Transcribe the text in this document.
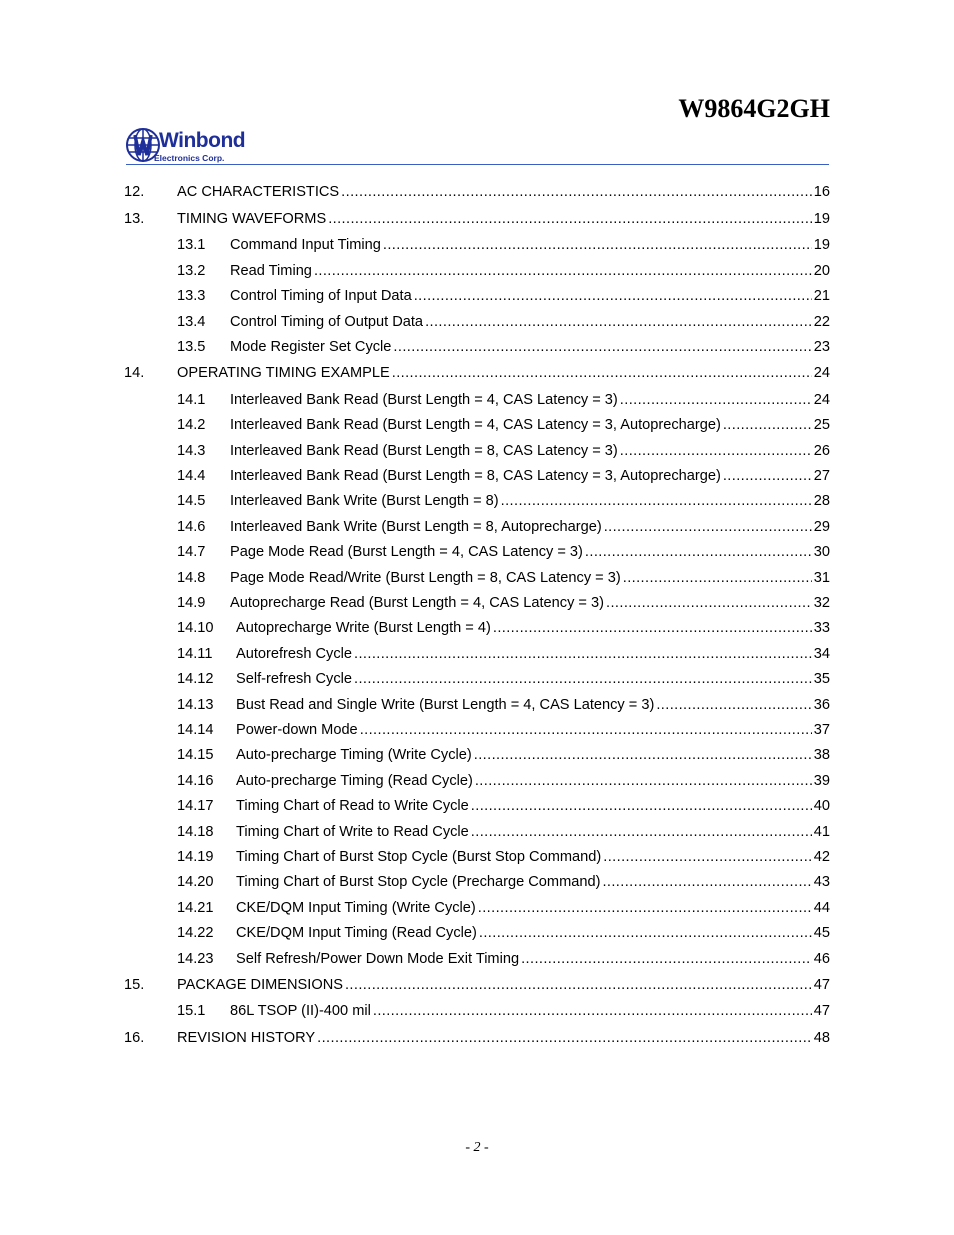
W9864G2GH
Winbond
Electronics Corp.
12. AC CHARACTERISTICS .....	16
13. TIMING WAVEFORMS .....	19
13.1 Command Input Timing .....	19
13.2 Read Timing .....	20
13.3 Control Timing of Input Data .....	21
13.4 Control Timing of Output Data .....	22
13.5 Mode Register Set Cycle .....	23
14. OPERATING TIMING EXAMPLE .....	24
14.1 Interleaved Bank Read (Burst Length = 4, CAS Latency = 3) .....	24
14.2 Interleaved Bank Read (Burst Length = 4, CAS Latency = 3, Autoprecharge) .....	25
14.3 Interleaved Bank Read (Burst Length = 8, CAS Latency = 3) .....	26
14.4 Interleaved Bank Read (Burst Length = 8, CAS Latency = 3, Autoprecharge) .....	27
14.5 Interleaved Bank Write (Burst Length = 8) .....	28
14.6 Interleaved Bank Write (Burst Length = 8, Autoprecharge) .....	29
14.7 Page Mode Read (Burst Length = 4, CAS Latency = 3) .....	30
14.8 Page Mode Read/Write (Burst Length = 8, CAS Latency = 3) .....	31
14.9 Autoprecharge Read (Burst Length = 4, CAS Latency = 3) .....	32
14.10 Autoprecharge Write (Burst Length = 4) .....	33
14.11 Autorefresh Cycle .....	34
14.12 Self-refresh Cycle .....	35
14.13 Bust Read and Single Write (Burst Length = 4, CAS Latency = 3) .....	36
14.14 Power-down Mode .....	37
14.15 Auto-precharge Timing (Write Cycle) .....	38
14.16 Auto-precharge Timing (Read Cycle) .....	39
14.17 Timing Chart of Read to Write Cycle .....	40
14.18 Timing Chart of Write to Read Cycle .....	41
14.19 Timing Chart of Burst Stop Cycle (Burst Stop Command) .....	42
14.20 Timing Chart of Burst Stop Cycle (Precharge Command) .....	43
14.21 CKE/DQM Input Timing (Write Cycle) .....	44
14.22 CKE/DQM Input Timing (Read Cycle) .....	45
14.23 Self Refresh/Power Down Mode Exit Timing .....	46
15. PACKAGE DIMENSIONS .....	47
15.1 86L TSOP (II)-400 mil .....	47
16. REVISION HISTORY .....	48
- 2 -
